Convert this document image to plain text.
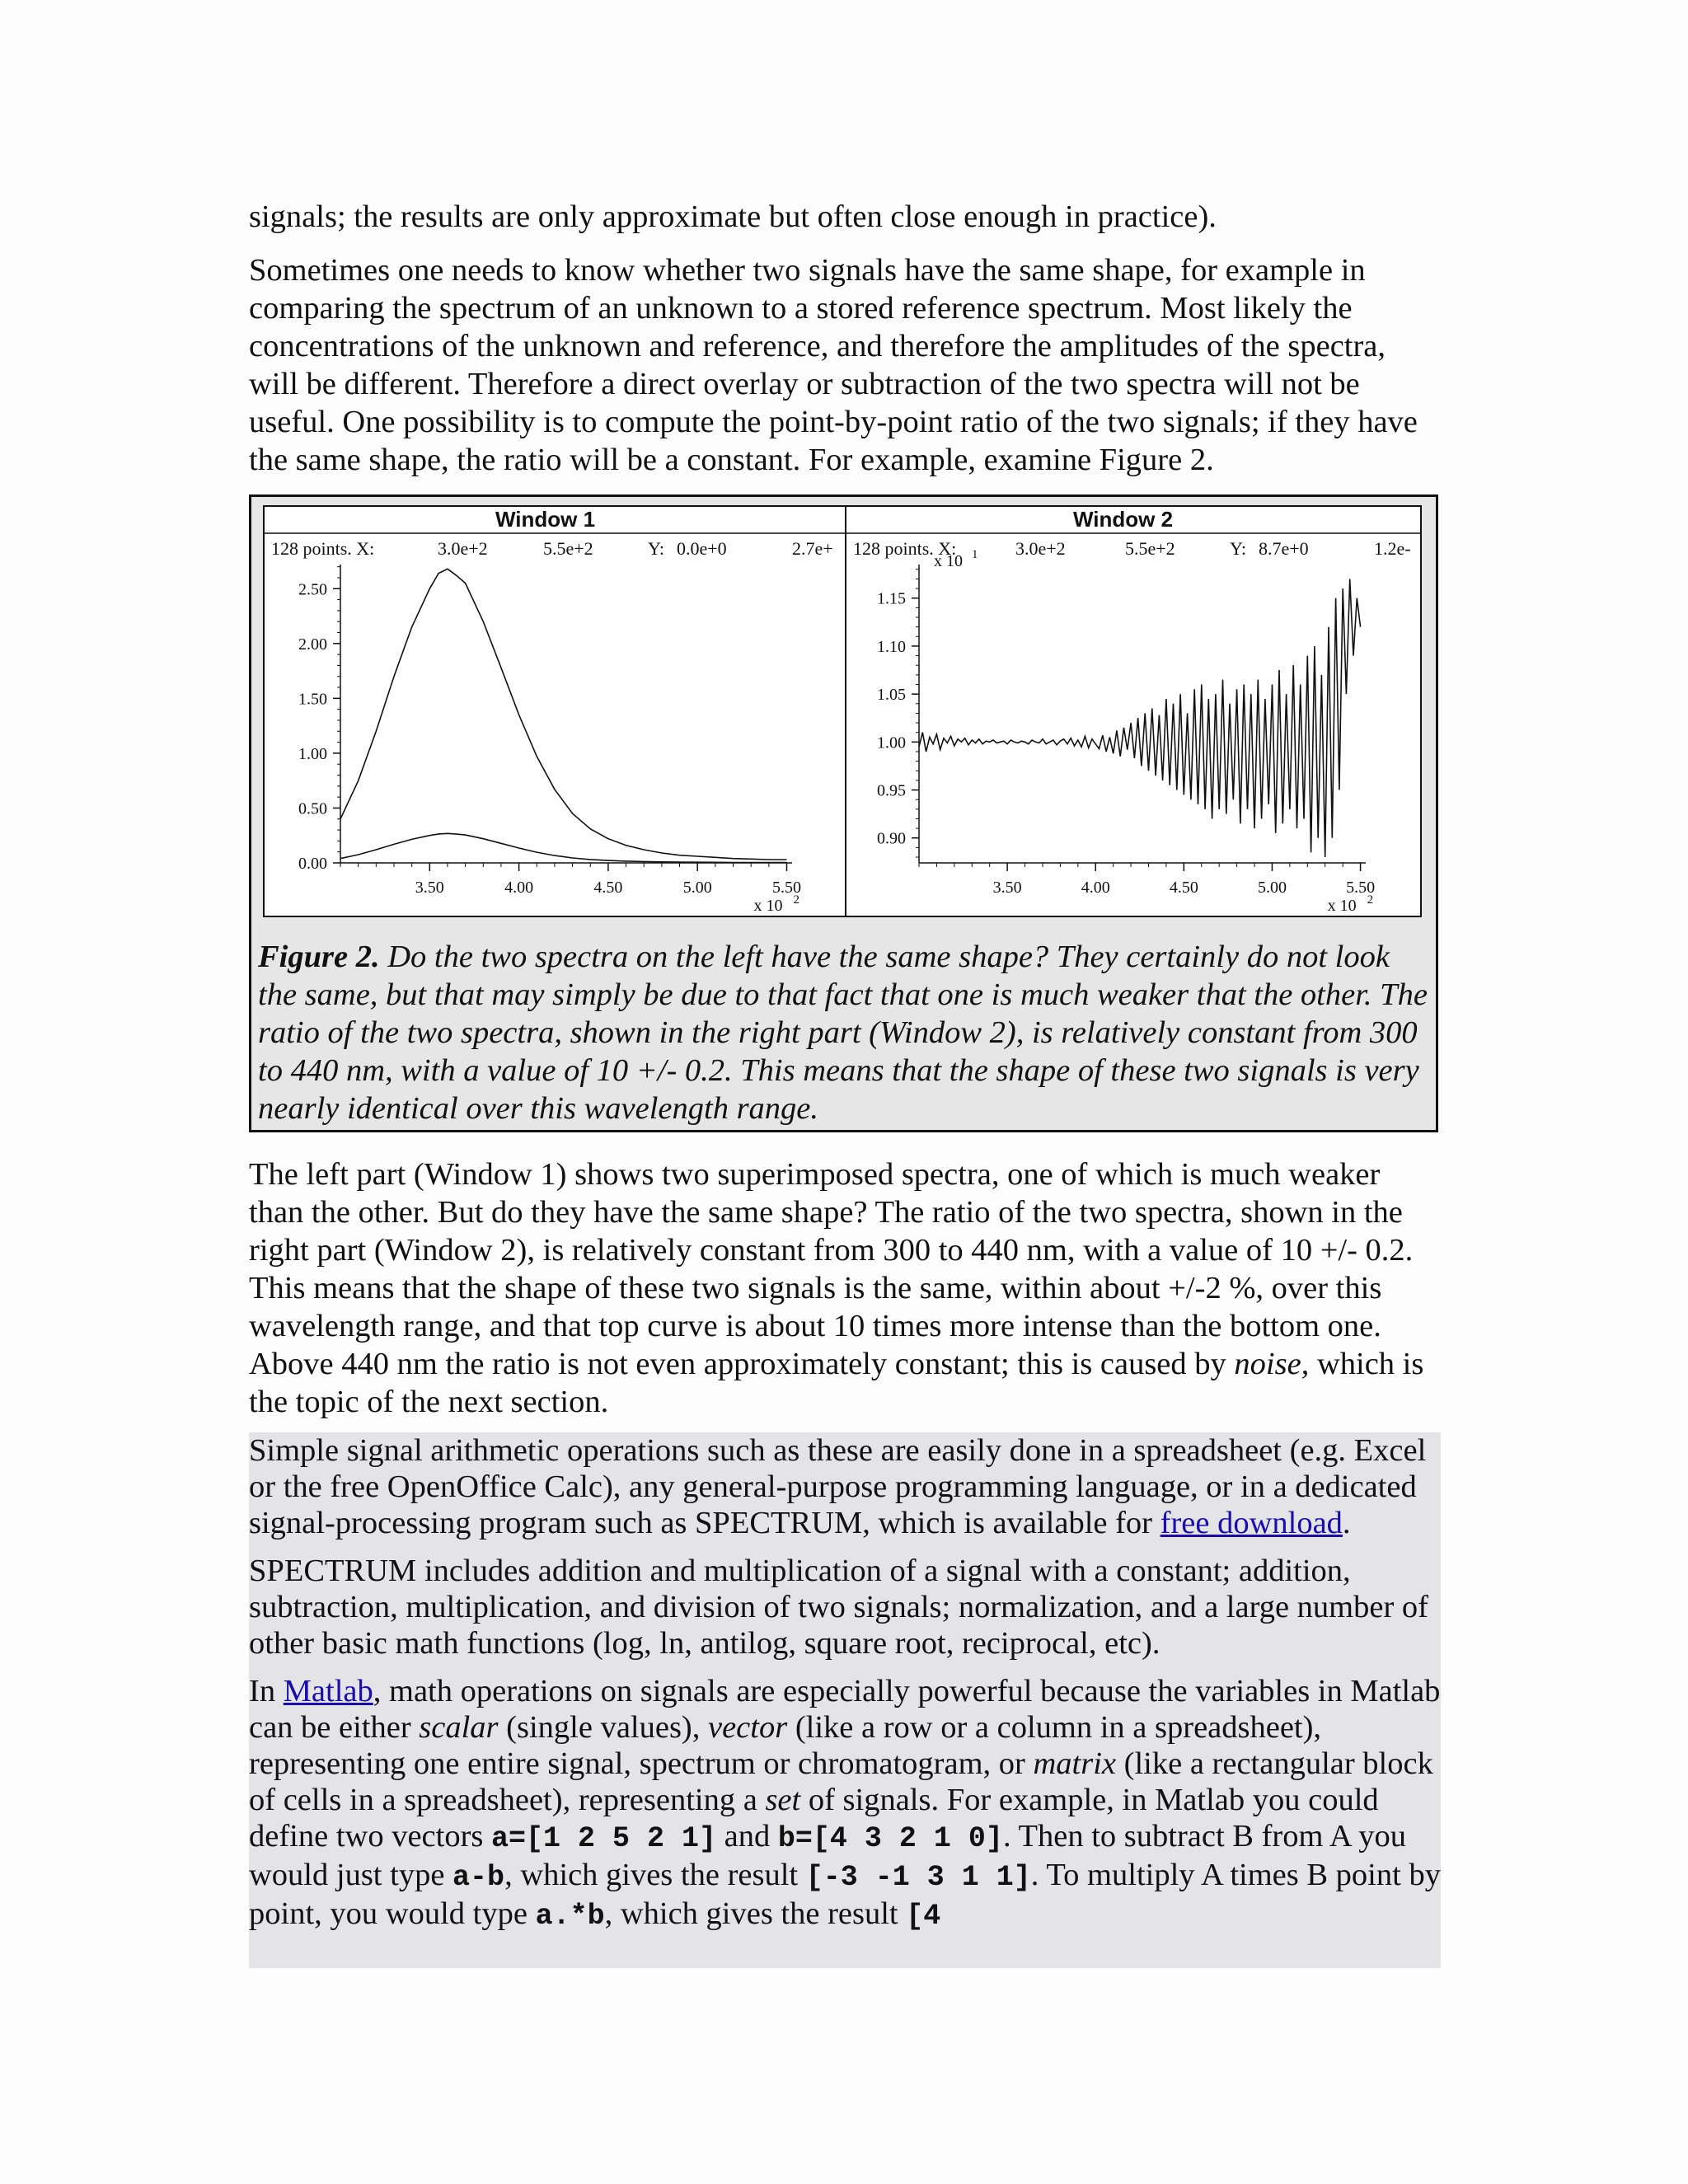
signals; the results are only approximate but often close enough in practice).

Sometimes one needs to know whether two signals have the same shape, for example in comparing the spectrum of an unknown to a stored reference spectrum. Most likely the concentrations of the unknown and reference, and therefore the amplitudes of the spectra, will be different. Therefore a direct overlay or subtraction of the two spectra will not be useful. One possibility is to compute the point-by-point ratio of the two signals; if they have the same shape, the ratio will be a constant. For example, examine Figure 2.

Window 1
128 points. X:	3.0e+2	5.5e+2	Y: 0.0e+0	2.7e+
0.00
0.50
1.00
1.50
2.00
2.50
3.50	4.00	4.50	5.00	5.50
x 10 2
Window 2
128 points. X:	3.0e+2	5.5e+2	Y: 8.7e+0	1.2e-
0.90
0.95
1.00
1.05
1.10
1.15
3.50	4.00	4.50	5.00	5.50
x 10 2
x 10 1

Figure 2. Do the two spectra on the left have the same shape? They certainly do not look the same, but that may simply be due to that fact that one is much weaker that the other. The ratio of the two spectra, shown in the right part (Window 2), is relatively constant from 300 to 440 nm, with a value of 10 +/- 0.2. This means that the shape of these two signals is very nearly identical over this wavelength range.

The left part (Window 1) shows two superimposed spectra, one of which is much weaker than the other. But do they have the same shape? The ratio of the two spectra, shown in the right part (Window 2), is relatively constant from 300 to 440 nm, with a value of 10 +/- 0.2. This means that the shape of these two signals is the same, within about +/-2 %, over this wavelength range, and that top curve is about 10 times more intense than the bottom one. Above 440 nm the ratio is not even approximately constant; this is caused by noise, which is the topic of the next section.

Simple signal arithmetic operations such as these are easily done in a spreadsheet (e.g. Excel or the free OpenOffice Calc), any general-purpose programming language, or in a dedicated signal-processing program such as SPECTRUM, which is available for free download.

SPECTRUM includes addition and multiplication of a signal with a constant; addition, subtraction, multiplication, and division of two signals; normalization, and a large number of other basic math functions (log, ln, antilog, square root, reciprocal, etc).

In Matlab, math operations on signals are especially powerful because the variables in Matlab can be either scalar (single values), vector (like a row or a column in a spreadsheet), representing one entire signal, spectrum or chromatogram, or matrix (like a rectangular block of cells in a spreadsheet), representing a set of signals. For example, in Matlab you could define two vectors a=[1 2 5 2 1] and b=[4 3 2 1 0]. Then to subtract B from A you would just type a-b, which gives the result [-3 -1 3 1 1]. To multiply A times B point by point, you would type a.*b, which gives the result [4
